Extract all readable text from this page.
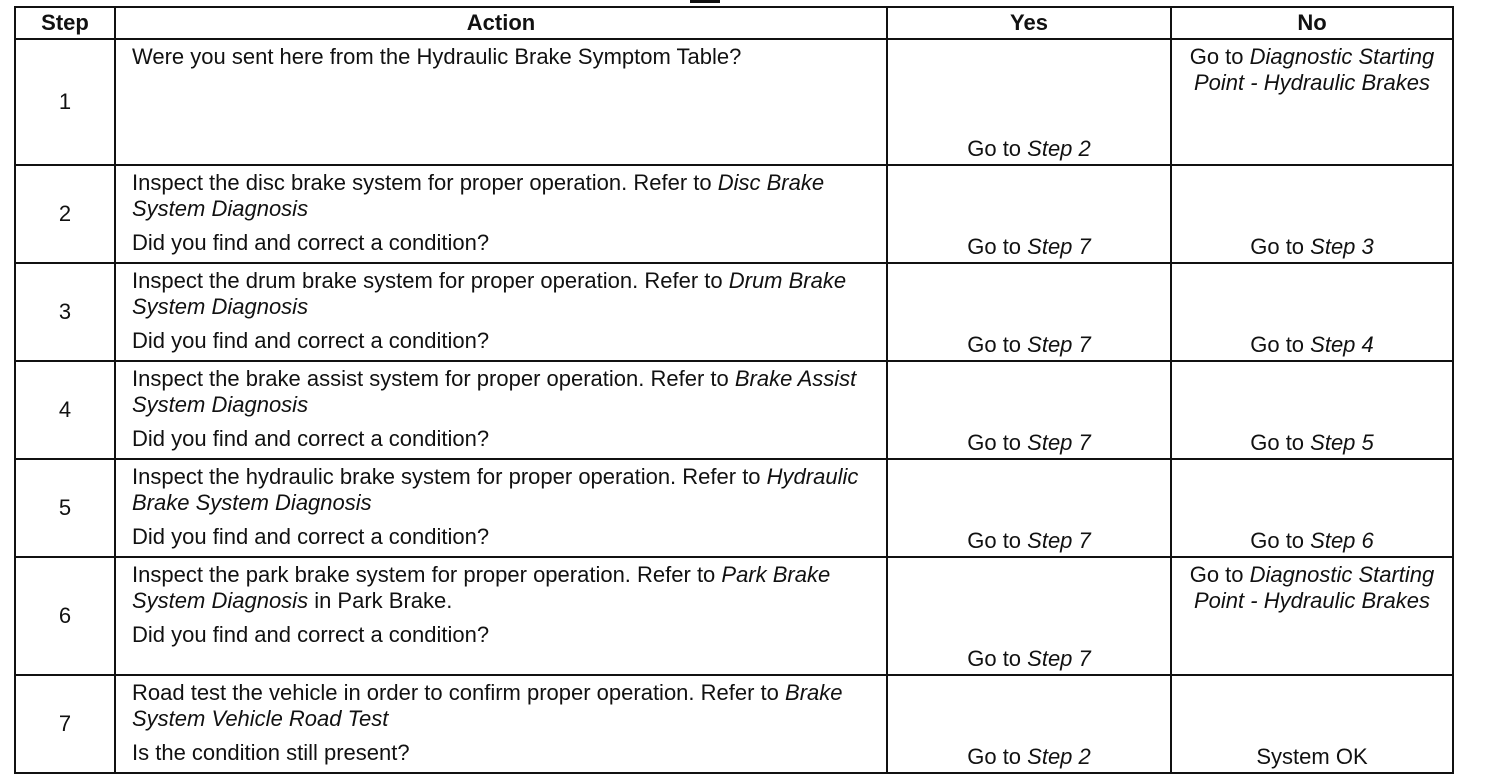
Step	Action	Yes	No
1	Were you sent here from the Hydraulic Brake Symptom Table?	Go to Step 2	Go to Diagnostic Starting Point - Hydraulic Brakes
2	Inspect the disc brake system for proper operation. Refer to Disc Brake System Diagnosis
Did you find and correct a condition?	Go to Step 7	Go to Step 3
3	Inspect the drum brake system for proper operation. Refer to Drum Brake System Diagnosis
Did you find and correct a condition?	Go to Step 7	Go to Step 4
4	Inspect the brake assist system for proper operation. Refer to Brake Assist System Diagnosis
Did you find and correct a condition?	Go to Step 7	Go to Step 5
5	Inspect the hydraulic brake system for proper operation. Refer to Hydraulic Brake System Diagnosis
Did you find and correct a condition?	Go to Step 7	Go to Step 6
6	Inspect the park brake system for proper operation. Refer to Park Brake System Diagnosis in Park Brake.
Did you find and correct a condition?	Go to Step 7	Go to Diagnostic Starting Point - Hydraulic Brakes
7	Road test the vehicle in order to confirm proper operation. Refer to Brake System Vehicle Road Test
Is the condition still present?	Go to Step 2	System OK
